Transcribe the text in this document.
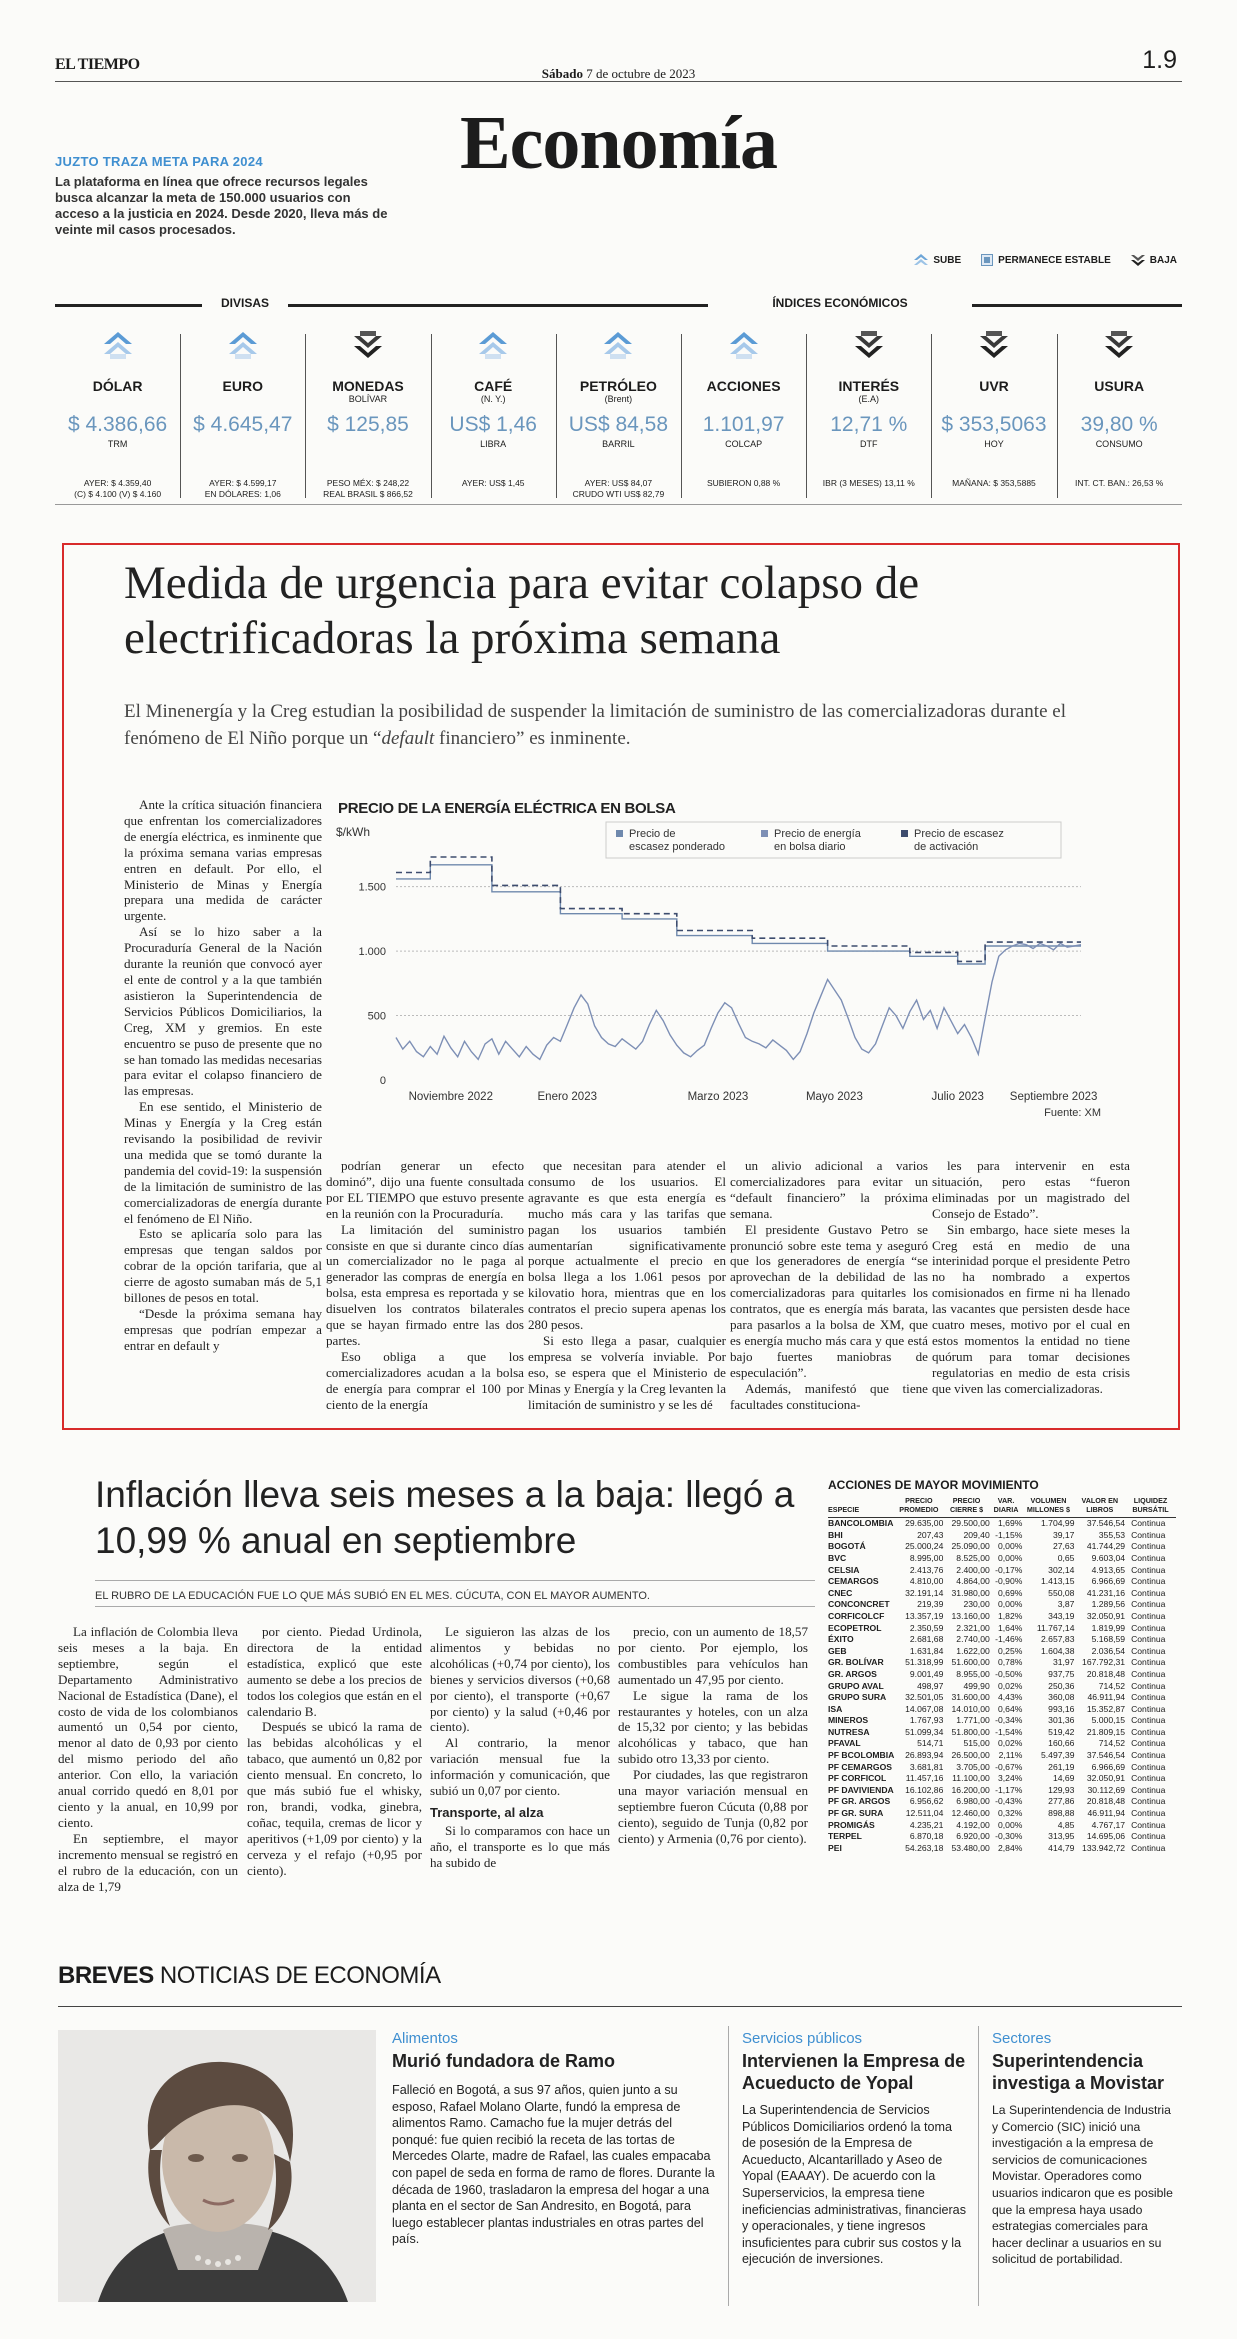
EL TIEMPO
Sábado 7 de octubre de 2023	1.9
Economía
JUZTO TRAZA META PARA 2024
La plataforma en línea que ofrece recursos legales busca alcanzar la meta de 150.000 usuarios con acceso a la justicia en 2024. Desde 2020, lleva más de veinte mil casos procesados.
SUBE	PERMANECE ESTABLE	BAJA
DIVISAS	ÍNDICES ECONÓMICOS
DÓLAR
$ 4.386,66
TRM
AYER: $ 4.359,40
(C) $ 4.100 (V) $ 4.160
EURO
$ 4.645,47
AYER: $ 4.599,17
EN DÓLARES: 1,06
MONEDAS
BOLÍVAR
$ 125,85
PESO MÉX: $ 248,22
REAL BRASIL $ 866,52
CAFÉ
(N. Y.)
US$ 1,46
LIBRA
AYER: US$ 1,45
PETRÓLEO
(Brent)
US$ 84,58
BARRIL
AYER: US$ 84,07
CRUDO WTI US$ 82,79
ACCIONES
1.101,97
COLCAP
SUBIERON 0,88 %
INTERÉS
(E.A)
12,71 %
DTF
IBR (3 MESES) 13,11 %
UVR
$ 353,5063
HOY
MAÑANA: $ 353,5885
USURA
39,80 %
CONSUMO
INT. CT. BAN.: 26,53 %
Medida de urgencia para evitar colapso de electrificadoras la próxima semana
El Minenergía y la Creg estudian la posibilidad de suspender la limitación de suministro de las comercializadoras durante el fenómeno de El Niño porque un “default financiero” es inminente.

Ante la crítica situación financiera que enfrentan los comercializadores de energía eléctrica, es inminente que la próxima semana varias empresas entren en default. Por ello, el Ministerio de Minas y Energía prepara una medida de carácter urgente.

Así se lo hizo saber a la Procuraduría General de la Nación durante la reunión que convocó ayer el ente de control y a la que también asistieron la Superintendencia de Servicios Públicos Domiciliarios, la Creg, XM y gremios. En este encuentro se puso de presente que no se han tomado las medidas necesarias para evitar el colapso financiero de las empresas.

En ese sentido, el Ministerio de Minas y Energía y la Creg están revisando la posibilidad de revivir una medida que se tomó durante la pandemia del covid-19: la suspensión de la limitación de suministro de las comercializadoras de energía durante el fenómeno de El Niño.

Esto se aplicaría solo para las empresas que tengan saldos por cobrar de la opción tarifaria, que al cierre de agosto sumaban más de 5,1 billones de pesos en total.

“Desde la próxima semana hay empresas que podrían empezar a entrar en default y

podrían generar un efecto dominó”, dijo una fuente consultada por EL TIEMPO que estuvo presente en la reunión con la Procuraduría.

La limitación del suministro consiste en que si durante cinco días un comercializador no le paga al generador las compras de energía en bolsa, esta empresa es reportada y se disuelven los contratos bilaterales que se hayan firmado entre las dos partes.

Eso obliga a que los comercializadores acudan a la bolsa de energía para comprar el 100 por ciento de la energía

que necesitan para atender el consumo de los usuarios. El agravante es que esta energía es mucho más cara y las tarifas que pagan los usuarios también aumentarían significativamente porque actualmente el precio en bolsa llega a los 1.061 pesos por kilovatio hora, mientras que en los contratos el precio supera apenas los 280 pesos.

Si esto llega a pasar, cualquier empresa se volvería inviable. Por eso, se espera que el Ministerio de Minas y Energía y la Creg levanten la limitación de suministro y se les dé

un alivio adicional a varios comercializadores para evitar un “default financiero” la próxima semana.

El presidente Gustavo Petro se pronunció sobre este tema y aseguró que los generadores de energía “se aprovechan de la debilidad de las comercializadoras para quitarles los contratos, que es energía más barata, para pasarlos a la bolsa de XM, que es energía mucho más cara y que está bajo fuertes maniobras de especulación”.

Además, manifestó que tiene facultades constituciona-

les para intervenir en esta situación, pero estas “fueron eliminadas por un magistrado del Consejo de Estado”.

Sin embargo, hace siete meses la Creg está en medio de una interinidad porque el presidente Petro no ha nombrado a expertos comisionados en firme ni ha llenado las vacantes que persisten desde hace cuatro meses, motivo por el cual en estos momentos la entidad no tiene quórum para tomar decisiones regulatorias en medio de esta crisis que viven las comercializadoras.

PRECIO DE LA ENERGÍA ELÉCTRICA EN BOLSA
$/kWh
0
500
1.000
1.500
Noviembre 2022	Enero 2023	Marzo 2023	Mayo 2023	Julio 2023 Septiembre 2023
Fuente: XM
Precio de escasez ponderado
Precio de energía en bolsa diario
Precio de escasez de activación
Inflación lleva seis meses a la baja: llegó a 10,99 % anual en septiembre
EL RUBRO DE LA EDUCACIÓN FUE LO QUE MÁS SUBIÓ EN EL MES. CÚCUTA, CON EL MAYOR AUMENTO.

La inflación de Colombia lleva seis meses a la baja. En septiembre, según el Departamento Administrativo Nacional de Estadística (Dane), el costo de vida de los colombianos aumentó un 0,54 por ciento, menor al dato de 0,93 por ciento del mismo periodo del año anterior. Con ello, la variación anual corrido quedó en 8,01 por ciento y la anual, en 10,99 por ciento.

En septiembre, el mayor incremento mensual se registró en el rubro de la educación, con un alza de 1,79

por ciento. Piedad Urdinola, directora de la entidad estadística, explicó que este aumento se debe a los precios de todos los colegios que están en el calendario B.

Después se ubicó la rama de las bebidas alcohólicas y el tabaco, que aumentó un 0,82 por ciento mensual. En concreto, lo que más subió fue el whisky, ron, brandi, vodka, ginebra, coñac, tequila, cremas de licor y aperitivos (+1,09 por ciento) y la cerveza y el refajo (+0,95 por ciento).

Le siguieron las alzas de los alimentos y bebidas no alcohólicas (+0,74 por ciento), los bienes y servicios diversos (+0,68 por ciento), el transporte (+0,67 por ciento) y la salud (+0,46 por ciento).

Al contrario, la menor variación mensual fue la información y comunicación, que subió un 0,07 por ciento.

Transporte, al alza

Si lo comparamos con hace un año, el transporte es lo que más ha subido de

precio, con un aumento de 18,57 por ciento. Por ejemplo, los combustibles para vehículos han aumentado un 47,95 por ciento.

Le sigue la rama de los restaurantes y hoteles, con un alza de 15,32 por ciento; y las bebidas alcohólicas y tabaco, que han subido otro 13,33 por ciento.

Por ciudades, las que registraron una mayor variación mensual en septiembre fueron Cúcuta (0,88 por ciento), seguido de Tunja (0,82 por ciento) y Armenia (0,76 por ciento).

ACCIONES DE MAYOR MOVIMIENTO
ESPECIE	PRECIO PROMEDIO	PRECIO CIERRE $	VAR. DIARIA	VOLUMEN MILLONES $	VALOR EN LIBROS	LIQUIDEZ BURSÁTIL
BANCOLOMBIA	29.635,00	29.500,00	1,69%	1.704,99	37.546,54	Continua
BHI	207,43	209,40	-1,15%	39,17	355,53	Continua
BOGOTÁ	25.000,24	25.090,00	0,00%	27,63	41.744,29	Continua
BVC	8.995,00	8.525,00	0,00%	0,65	9.603,04	Continua
CELSIA	2.413,76	2.400,00	-0,17%	302,14	4.913,65	Continua
CEMARGOS	4.810,00	4.864,00	-0,90%	1.413,15	6.966,69	Continua
CNEC	32.191,14	31.980,00	0,69%	550,08	41.231,16	Continua
CONCONCRET	219,39	230,00	0,00%	3,87	1.289,56	Continua
CORFICOLCF	13.357,19	13.160,00	1,82%	343,19	32.050,91	Continua
ECOPETROL	2.350,59	2.321,00	1,64%	11.767,14	1.819,99	Continua
ÉXITO	2.681,68	2.740,00	-1,46%	2.657,83	5.168,59	Continua
GEB	1.631,84	1.622,00	0,25%	1.604,38	2.036,54	Continua
GR. BOLÍVAR	51.318,99	51.600,00	0,78%	31,97	167.792,31	Continua
GR. ARGOS	9.001,49	8.955,00	-0,50%	937,75	20.818,48	Continua
GRUPO AVAL	498,97	499,90	0,02%	250,36	714,52	Continua
GRUPO SURA	32.501,05	31.600,00	4,43%	360,08	46.911,94	Continua
ISA	14.067,08	14.010,00	0,64%	993,16	15.352,87	Continua
MINEROS	1.767,93	1.771,00	-0,34%	301,36	5.000,15	Continua
NUTRESA	51.099,34	51.800,00	-1,54%	519,42	21.809,15	Continua
PFAVAL	514,71	515,00	0,02%	160,66	714,52	Continua
PF BCOLOMBIA	26.893,94	26.500,00	2,11%	5.497,39	37.546,54	Continua
PF CEMARGOS	3.681,81	3.705,00	-0,67%	261,19	6.966,69	Continua
PF CORFICOL	11.457,16	11.100,00	3,24%	14,69	32.050,91	Continua
PF DAVIVIENDA	16.102,86	16.200,00	-1,17%	129,93	30.112,69	Continua
PF GR. ARGOS	6.956,62	6.980,00	-0,43%	277,86	20.818,48	Continua
PF GR. SURA	12.511,04	12.460,00	0,32%	898,88	46.911,94	Continua
PROMIGÁS	4.235,21	4.192,00	0,00%	4,85	4.767,17	Continua
TERPEL	6.870,18	6.920,00	-0,30%	313,95	14.695,06	Continua
PEI	54.263,18	53.480,00	2,84%	414,79	133.942,72	Continua
BREVES NOTICIAS DE ECONOMÍA
Alimentos
Murió fundadora de Ramo
Falleció en Bogotá, a sus 97 años, quien junto a su esposo, Rafael Molano Olarte, fundó la empresa de alimentos Ramo. Camacho fue la mujer detrás del ponqué: fue quien recibió la receta de las tortas de Mercedes Olarte, madre de Rafael, las cuales empacaba con papel de seda en forma de ramo de flores. Durante la década de 1960, trasladaron la empresa del hogar a una planta en el sector de San Andresito, en Bogotá, para luego establecer plantas industriales en otras partes del país.
Servicios públicos
Intervienen la Empresa de Acueducto de Yopal
La Superintendencia de Servicios Públicos Domiciliarios ordenó la toma de posesión de la Empresa de Acueducto, Alcantarillado y Aseo de Yopal (EAAAY). De acuerdo con la Superservicios, la empresa tiene ineficiencias administrativas, financieras y operacionales, y tiene ingresos insuficientes para cubrir sus costos y la ejecución de inversiones.
Sectores
Superintendencia investiga a Movistar
La Superintendencia de Industria y Comercio (SIC) inició una investigación a la empresa de servicios de comunicaciones Movistar. Operadores como usuarios indicaron que es posible que la empresa haya usado estrategias comerciales para hacer declinar a usuarios en su solicitud de portabilidad.
